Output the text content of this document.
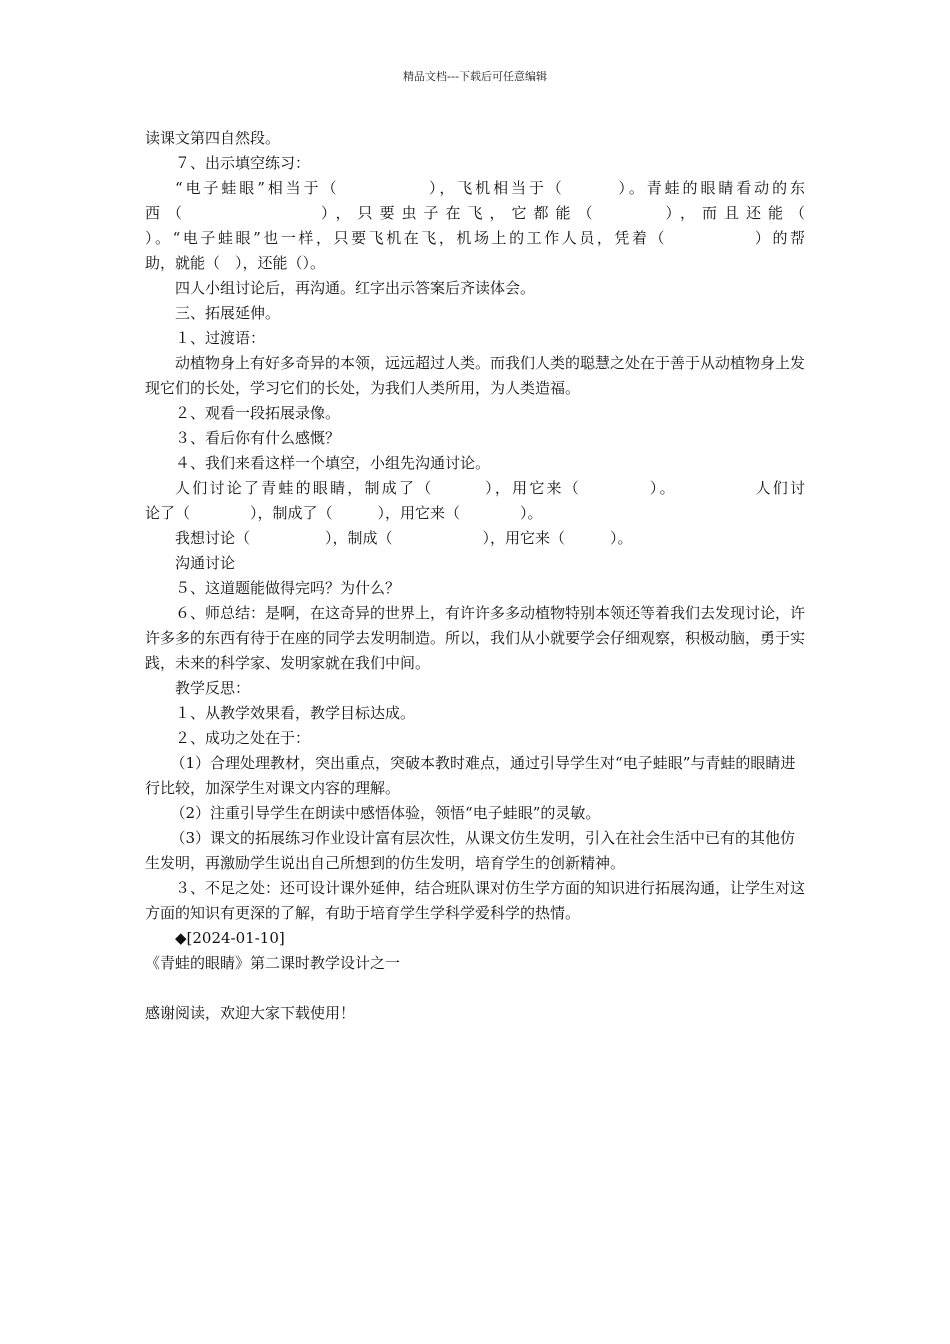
精品文档---下载后可任意编辑

读课文第四自然段。

７、出示填空练习：

“电子蛙眼”相当于（　　　　　），飞机相当于（　　　）。青蛙的眼睛看动的东

西（　　　　　　），只要虫子在飞，它都能（　　　），而且还能（

）。“电子蛙眼”也一样，只要飞机在飞，机场上的工作人员，凭着（　　　　　）的帮

助，就能（　），还能（）。

四人小组讨论后，再沟通。红字出示答案后齐读体会。

三、拓展延伸。

１、过渡语：

动植物身上有好多奇异的本领，远远超过人类。而我们人类的聪慧之处在于善于从动植物身上发现它们的长处，学习它们的长处，为我们人类所用，为人类造福。

２、观看一段拓展录像。

３、看后你有什么感慨？

４、我们来看这样一个填空，小组先沟通讨论。

人们讨论了青蛙的眼睛，制成了（　　　），用它来（　　　　）。　　　　　人们讨

论了（　　　　），制成了（　　　），用它来（　　　　）。

我想讨论（　　　　　），制成（　　　　　　），用它来（　　　）。

沟通讨论

５、这道题能做得完吗？为什么？

６、师总结：是啊，在这奇异的世界上，有许许多多动植物特别本领还等着我们去发现讨论，许许多多的东西有待于在座的同学去发明制造。所以，我们从小就要学会仔细观察，积极动脑，勇于实践，未来的科学家、发明家就在我们中间。

教学反思：

１、从教学效果看，教学目标达成。

２、成功之处在于：

（1）合理处理教材，突出重点，突破本教时难点，通过引导学生对“电子蛙眼”与青蛙的眼睛进行比较，加深学生对课文内容的理解。

（2）注重引导学生在朗读中感悟体验，领悟“电子蛙眼”的灵敏。

（3）课文的拓展练习作业设计富有层次性，从课文仿生发明，引入在社会生活中已有的其他仿生发明，再激励学生说出自己所想到的仿生发明，培育学生的创新精神。

３、不足之处：还可设计课外延伸，结合班队课对仿生学方面的知识进行拓展沟通，让学生对这方面的知识有更深的了解，有助于培育学生学科学爱科学的热情。

◆[2024-01-10]

《青蛙的眼睛》第二课时教学设计之一

感谢阅读，欢迎大家下载使用！
